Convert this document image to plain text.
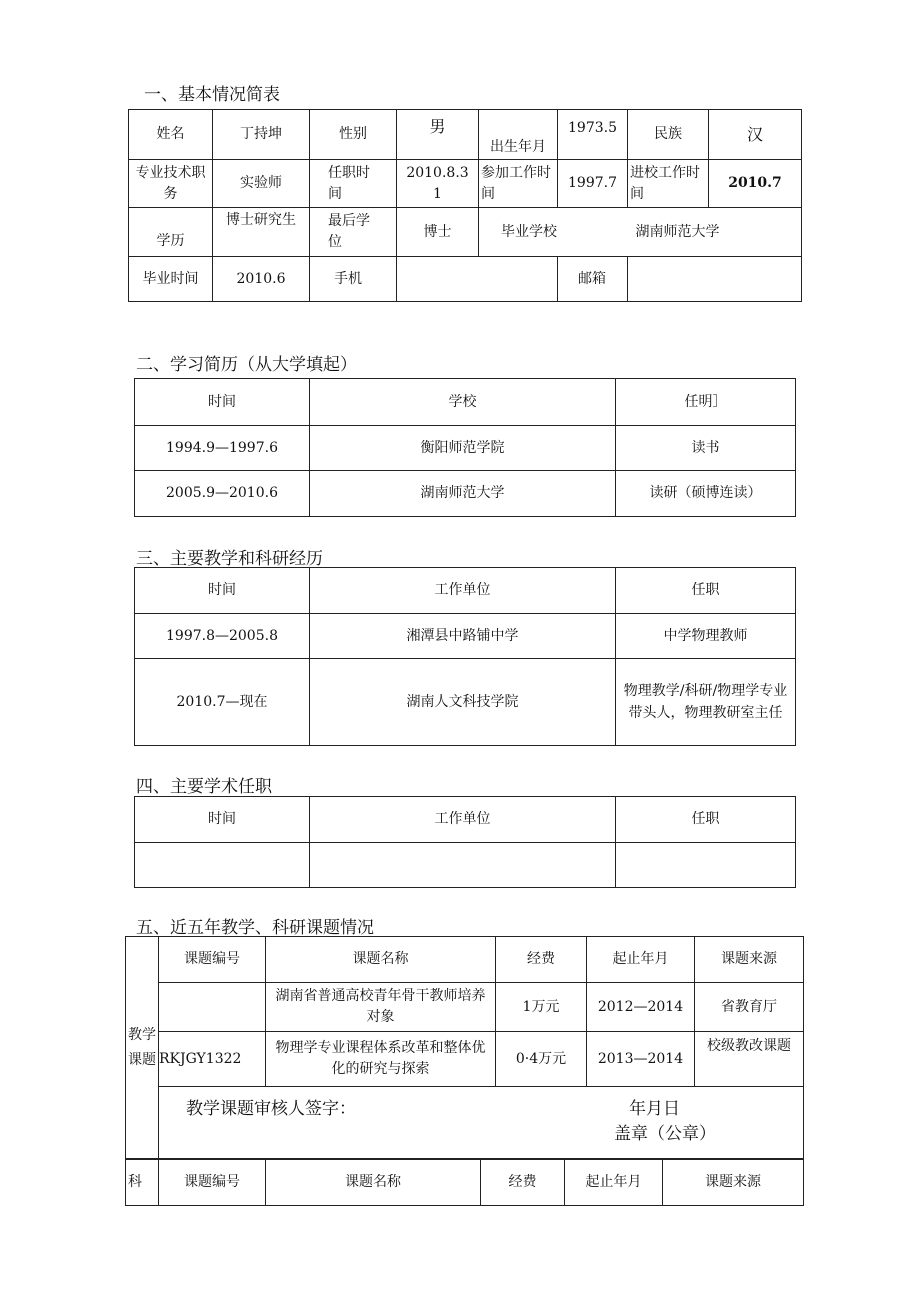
一、基本情况简表
姓名	丁持坤	性别	男	出生年月	1973.5	民族	汉
专业技术职务	实验师	任职时间	2010.8.31	参加工作时间	1997.7	进校工作时间	2010.7
学历	博士研究生	最后学位	博士	毕业学校 湖南师范大学			
毕业时间	2010.6	手机			邮箱		
二、学习简历（从大学填起）
时间	学校	任明］
1994.9—1997.6	衡阳师范学院	读书
2005.9—2010.6	湖南师范大学	读研（硕博连读）
三、主要教学和科研经历
时间	工作单位	任职
1997.8—2005.8	湘潭县中路铺中学	中学物理教师
2010.7—现在	湖南人文科技学院	物理教学/科研/物理学专业带头人，物理教研室主任
四、主要学术任职
时间	工作单位	任职

五、近五年教学、科研课题情况
教学课题	课题编号	课题名称	经费	起止年月	课题来源
		湖南省普通高校青年骨干教师培养对象	1万元	2012—2014	省教育厅
	RKJGY1322	物理学专业课程体系改革和整体优化的研究与探索	0·4万元	2013—2014	校级教改课题

	教学课题审核人签字： 年月日
盖章（公章）				
科	课题编号	课题名称	经费	起止年月	课题来源
